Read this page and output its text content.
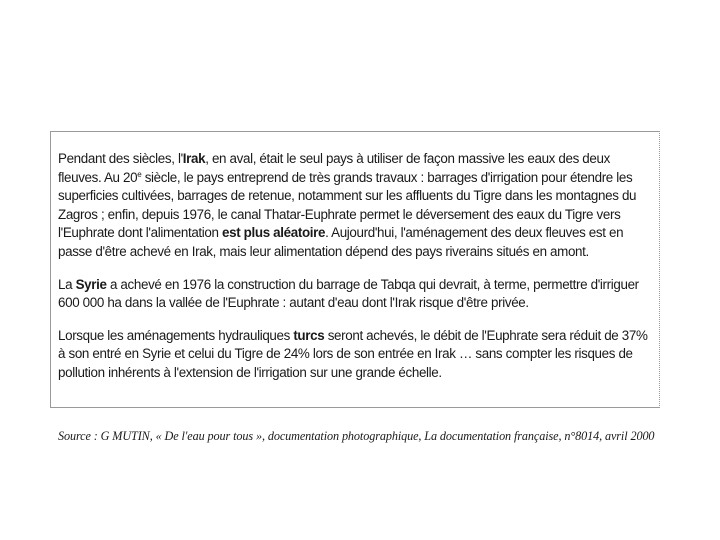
Pendant des siècles, l'Irak, en aval, était le seul pays à utiliser de façon massive les eaux des deux fleuves. Au 20e siècle, le pays entreprend de très grands travaux : barrages d'irrigation pour étendre les superficies cultivées, barrages de retenue, notamment sur les affluents du Tigre dans les montagnes du Zagros ; enfin, depuis 1976, le canal Thatar-Euphrate permet le déversement des eaux du Tigre vers l'Euphrate dont l'alimentation est plus aléatoire. Aujourd'hui, l'aménagement des deux fleuves est en passe d'être achevé en Irak, mais leur alimentation dépend des pays riverains situés en amont.

La Syrie a achevé en 1976 la construction du barrage de Tabqa qui devrait, à terme, permettre d'irriguer 600 000 ha dans la vallée de l'Euphrate : autant d'eau dont l'Irak risque d'être privée.

Lorsque les aménagements hydrauliques turcs seront achevés, le débit de l'Euphrate sera réduit de 37% à son entré en Syrie et celui du Tigre de 24% lors de son entrée en Irak … sans compter les risques de pollution inhérents à l'extension de l'irrigation sur une grande échelle.

Source : G MUTIN, « De l'eau pour tous », documentation photographique, La documentation française, n°8014, avril 2000
